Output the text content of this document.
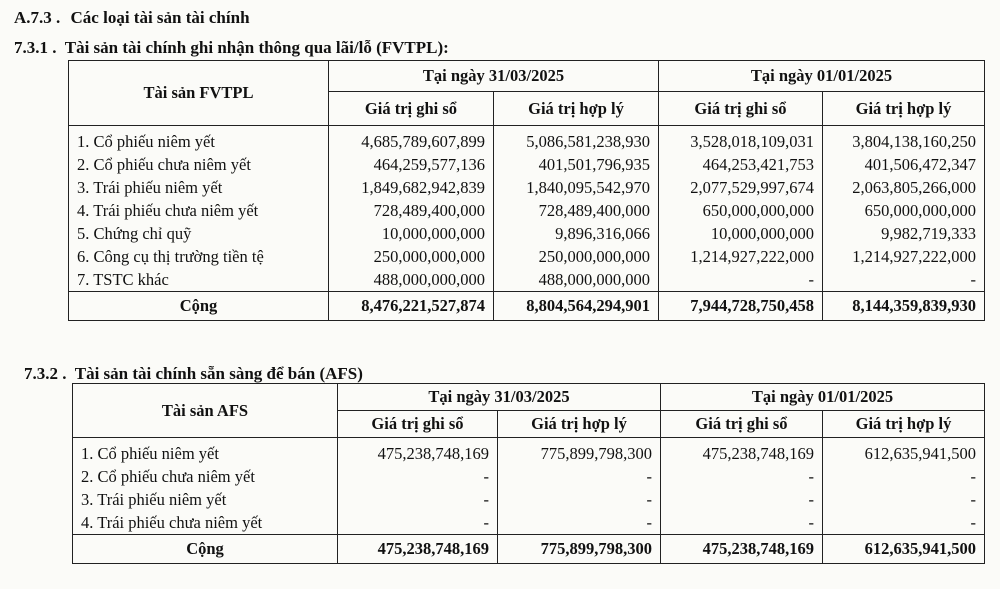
A.7.3 . Các loại tài sản tài chính
7.3.1 . Tài sản tài chính ghi nhận thông qua lãi/lỗ (FVTPL):
Tài sản FVTPL	Tại ngày 31/03/2025		Tại ngày 01/01/2025	
	Giá trị ghi sổ	Giá trị hợp lý	Giá trị ghi sổ	Giá trị hợp lý
1. Cổ phiếu niêm yết	4,685,789,607,899	5,086,581,238,930	3,528,018,109,031	3,804,138,160,250
2. Cổ phiếu chưa niêm yết	464,259,577,136	401,501,796,935	464,253,421,753	401,506,472,347
3. Trái phiếu niêm yết	1,849,682,942,839	1,840,095,542,970	2,077,529,997,674	2,063,805,266,000
4. Trái phiếu chưa niêm yết	728,489,400,000	728,489,400,000	650,000,000,000	650,000,000,000
5. Chứng chỉ quỹ	10,000,000,000	9,896,316,066	10,000,000,000	9,982,719,333
6. Công cụ thị trường tiền tệ	250,000,000,000	250,000,000,000	1,214,927,222,000	1,214,927,222,000
7. TSTC khác	488,000,000,000	488,000,000,000	-	-
Cộng	8,476,221,527,874	8,804,564,294,901	7,944,728,750,458	8,144,359,839,930
7.3.2 . Tài sản tài chính sẵn sàng để bán (AFS)
Tài sản AFS	Tại ngày 31/03/2025		Tại ngày 01/01/2025	
	Giá trị ghi sổ	Giá trị hợp lý	Giá trị ghi sổ	Giá trị hợp lý
1. Cổ phiếu niêm yết	475,238,748,169	775,899,798,300	475,238,748,169	612,635,941,500
2. Cổ phiếu chưa niêm yết	-	-	-	-
3. Trái phiếu niêm yết	-	-	-	-
4. Trái phiếu chưa niêm yết	-	-	-	-
Cộng	475,238,748,169	775,899,798,300	475,238,748,169	612,635,941,500
